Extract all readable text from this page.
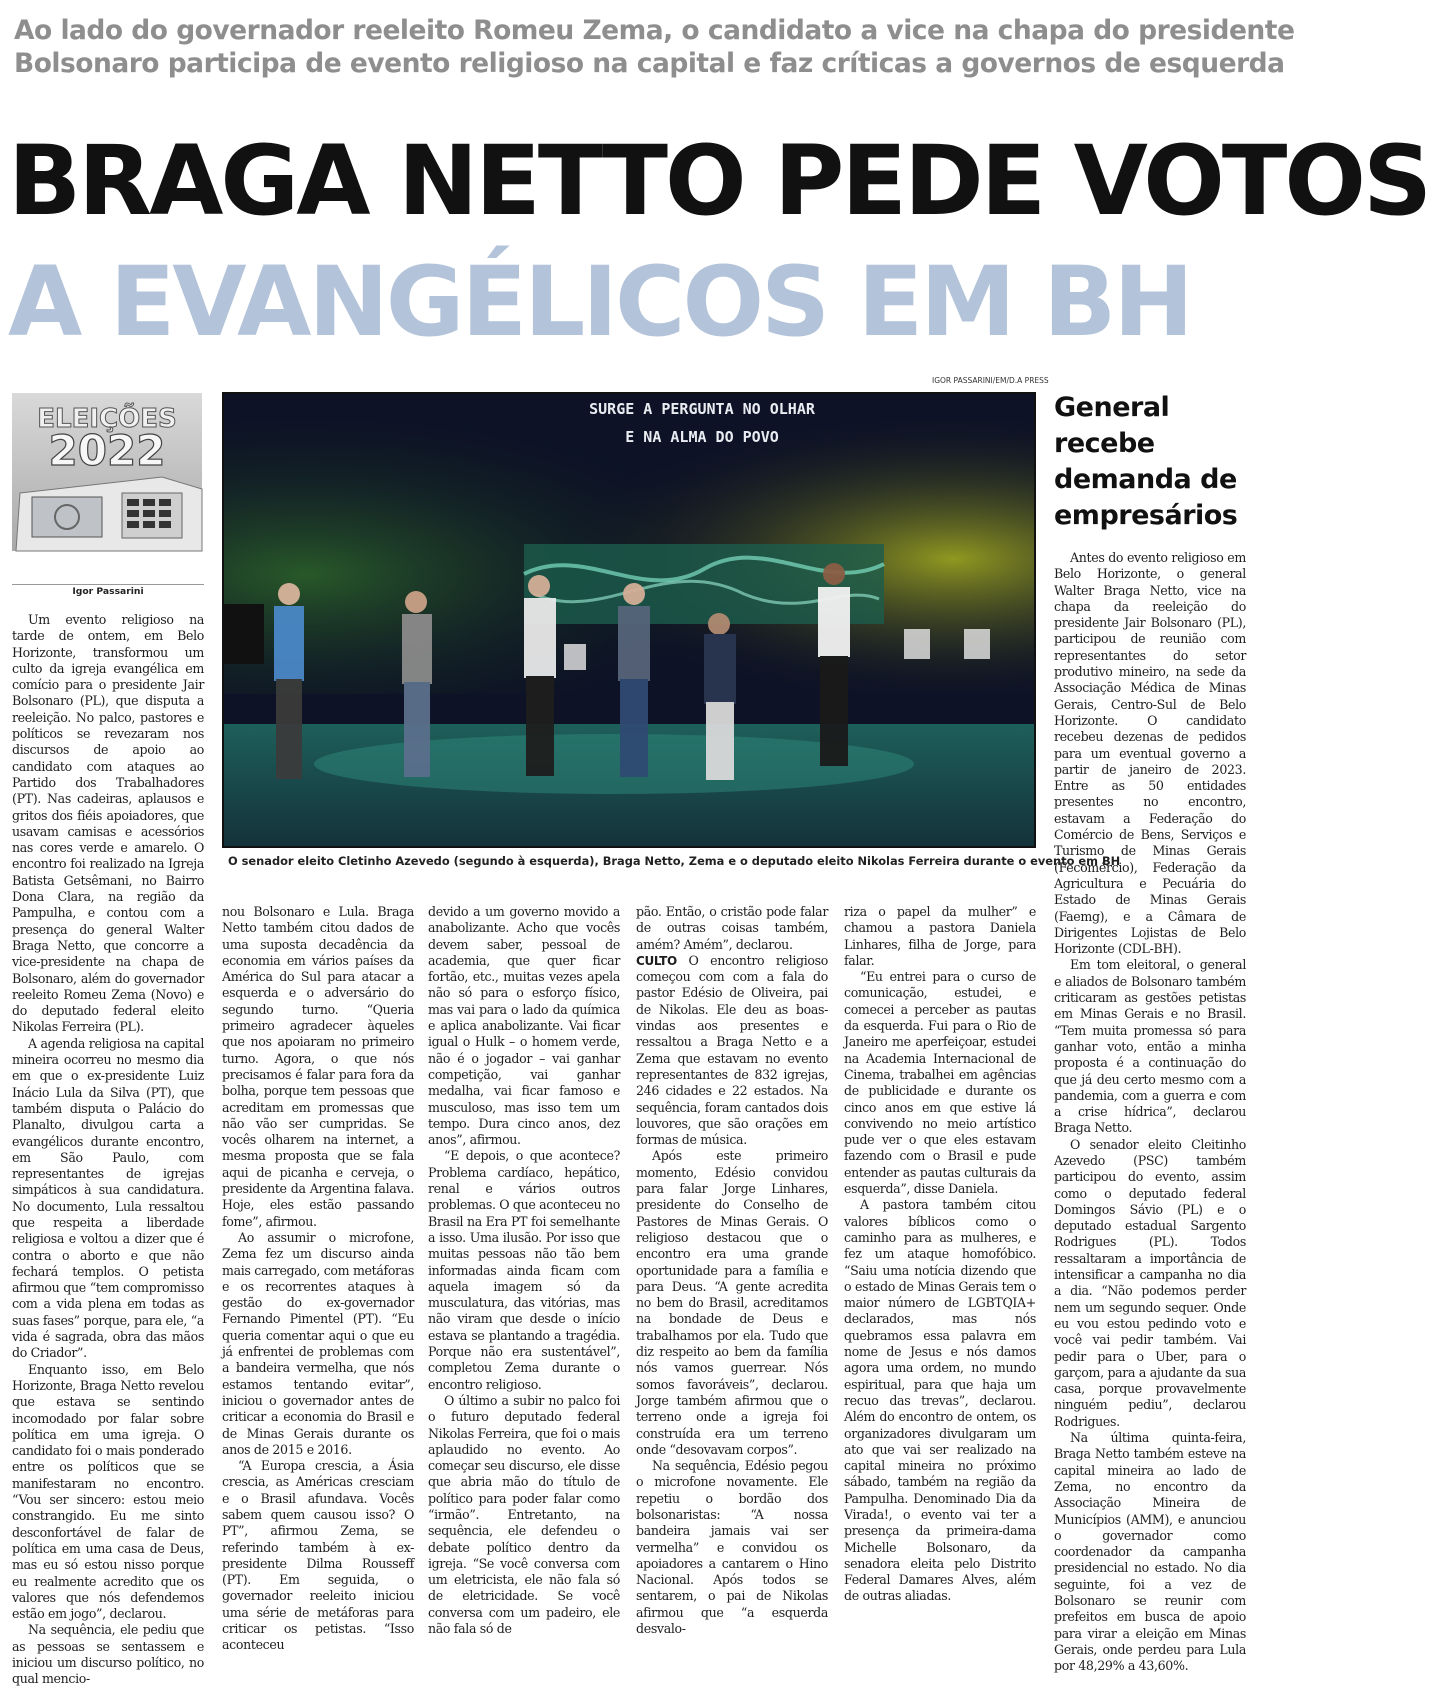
Ao lado do governador reeleito Romeu Zema, o candidato a vice na chapa do presidente
Bolsonaro participa de evento religioso na capital e faz críticas a governos de esquerda
BRAGA NETTO PEDE VOTOS
A EVANGÉLICOS EM BH
ELEIÇÕES
2022
Igor Passarini
IGOR PASSARINI/EM/D.A PRESS
SURGE A PERGUNTA NO OLHAR
E NA ALMA DO POVO
O senador eleito Cletinho Azevedo (segundo à esquerda), Braga Netto, Zema e o deputado eleito Nikolas Ferreira durante o evento em BH
General recebe demanda de empresários

Um evento religioso na tarde de ontem, em Belo Horizonte, transformou um culto da igreja evangélica em comício para o presidente Jair Bolsonaro (PL), que disputa a reeleição. No palco, pastores e políticos se revezaram nos discursos de apoio ao candidato com ataques ao Partido dos Trabalhadores (PT). Nas cadeiras, aplausos e gritos dos fiéis apoiadores, que usavam camisas e acessórios nas cores verde e amarelo. O encontro foi realizado na Igreja Batista Getsêmani, no Bairro Dona Clara, na região da Pampulha, e contou com a presença do general Walter Braga Netto, que concorre a vice-presidente na chapa de Bolsonaro, além do governador reeleito Romeu Zema (Novo) e do deputado federal eleito Nikolas Ferreira (PL).

A agenda religiosa na capital mineira ocorreu no mesmo dia em que o ex-presidente Luiz Inácio Lula da Silva (PT), que também disputa o Palácio do Planalto, divulgou carta a evangélicos durante encontro, em São Paulo, com representantes de igrejas simpáticos à sua candidatura. No documento, Lula ressaltou que respeita a liberdade religiosa e voltou a dizer que é contra o aborto e que não fechará templos. O petista afirmou que “tem compromisso com a vida plena em todas as suas fases” porque, para ele, “a vida é sagrada, obra das mãos do Criador”.

Enquanto isso, em Belo Horizonte, Braga Netto revelou que estava se sentindo incomodado por falar sobre política em uma igreja. O candidato foi o mais ponderado entre os políticos que se manifestaram no encontro. “Vou ser sincero: estou meio constrangido. Eu me sinto desconfortável de falar de política em uma casa de Deus, mas eu só estou nisso porque eu realmente acredito que os valores que nós defendemos estão em jogo”, declarou.

Na sequência, ele pediu que as pessoas se sentassem e iniciou um discurso político, no qual mencio-

nou Bolsonaro e Lula. Braga Netto também citou dados de uma suposta decadência da economia em vários países da América do Sul para atacar a esquerda e o adversário do segundo turno. “Queria primeiro agradecer àqueles que nos apoiaram no primeiro turno. Agora, o que nós precisamos é falar para fora da bolha, porque tem pessoas que acreditam em promessas que não vão ser cumpridas. Se vocês olharem na internet, a mesma proposta que se fala aqui de picanha e cerveja, o presidente da Argentina falava. Hoje, eles estão passando fome”, afirmou.

Ao assumir o microfone, Zema fez um discurso ainda mais carregado, com metáforas e os recorrentes ataques à gestão do ex-governador Fernando Pimentel (PT). “Eu queria comentar aqui o que eu já enfrentei de problemas com a bandeira vermelha, que nós estamos tentando evitar”, iniciou o governador antes de criticar a economia do Brasil e de Minas Gerais durante os anos de 2015 e 2016.

“A Europa crescia, a Ásia crescia, as Américas cresciam e o Brasil afundava. Vocês sabem quem causou isso? O PT”, afirmou Zema, se referindo também à ex-presidente Dilma Rousseff (PT). Em seguida, o governador reeleito iniciou uma série de metáforas para criticar os petistas. “Isso aconteceu

devido a um governo movido a anabolizante. Acho que vocês devem saber, pessoal de academia, que quer ficar fortão, etc., muitas vezes apela não só para o esforço físico, mas vai para o lado da química e aplica anabolizante. Vai ficar igual o Hulk – o homem verde, não é o jogador – vai ganhar competição, vai ganhar medalha, vai ficar famoso e musculoso, mas isso tem um tempo. Dura cinco anos, dez anos”, afirmou.

“E depois, o que acontece? Problema cardíaco, hepático, renal e vários outros problemas. O que aconteceu no Brasil na Era PT foi semelhante a isso. Uma ilusão. Por isso que muitas pessoas não tão bem informadas ainda ficam com aquela imagem só da musculatura, das vitórias, mas não viram que desde o início estava se plantando a tragédia. Porque não era sustentável”, completou Zema durante o encontro religioso.

O último a subir no palco foi o futuro deputado federal Nikolas Ferreira, que foi o mais aplaudido no evento. Ao começar seu discurso, ele disse que abria mão do título de político para poder falar como “irmão”. Entretanto, na sequência, ele defendeu o debate político dentro da igreja. “Se você conversa com um eletricista, ele não fala só de eletricidade. Se você conversa com um padeiro, ele não fala só de

pão. Então, o cristão pode falar de outras coisas também, amém? Amém”, declarou.

CULTO O encontro religioso começou com com a fala do pastor Edésio de Oliveira, pai de Nikolas. Ele deu as boas-vindas aos presentes e ressaltou a Braga Netto e a Zema que estavam no evento representantes de 832 igrejas, 246 cidades e 22 estados. Na sequência, foram cantados dois louvores, que são orações em formas de música.

Após este primeiro momento, Edésio convidou para falar Jorge Linhares, presidente do Conselho de Pastores de Minas Gerais. O religioso destacou que o encontro era uma grande oportunidade para a família e para Deus. “A gente acredita no bem do Brasil, acreditamos na bondade de Deus e trabalhamos por ela. Tudo que diz respeito ao bem da família nós vamos guerrear. Nós somos favoráveis”, declarou. Jorge também afirmou que o terreno onde a igreja foi construída era um terreno onde “desovavam corpos”.

Na sequência, Edésio pegou o microfone novamente. Ele repetiu o bordão dos bolsonaristas: “A nossa bandeira jamais vai ser vermelha” e convidou os apoiadores a cantarem o Hino Nacional. Após todos se sentarem, o pai de Nikolas afirmou que “a esquerda desvalo-

riza o papel da mulher” e chamou a pastora Daniela Linhares, filha de Jorge, para falar.

“Eu entrei para o curso de comunicação, estudei, e comecei a perceber as pautas da esquerda. Fui para o Rio de Janeiro me aperfeiçoar, estudei na Academia Internacional de Cinema, trabalhei em agências de publicidade e durante os cinco anos em que estive lá convivendo no meio artístico pude ver o que eles estavam fazendo com o Brasil e pude entender as pautas culturais da esquerda”, disse Daniela.

A pastora também citou valores bíblicos como o caminho para as mulheres, e fez um ataque homofóbico. “Saiu uma notícia dizendo que o estado de Minas Gerais tem o maior número de LGBTQIA+ declarados, mas nós quebramos essa palavra em nome de Jesus e nós damos agora uma ordem, no mundo espiritual, para que haja um recuo das trevas”, declarou. Além do encontro de ontem, os organizadores divulgaram um ato que vai ser realizado na capital mineira no próximo sábado, também na região da Pampulha. Denominado Dia da Virada!, o evento vai ter a presença da primeira-dama Michelle Bolsonaro, da senadora eleita pelo Distrito Federal Damares Alves, além de outras aliadas.

Antes do evento religioso em Belo Horizonte, o general Walter Braga Netto, vice na chapa da reeleição do presidente Jair Bolsonaro (PL), participou de reunião com representantes do setor produtivo mineiro, na sede da Associação Médica de Minas Gerais, Centro-Sul de Belo Horizonte. O candidato recebeu dezenas de pedidos para um eventual governo a partir de janeiro de 2023. Entre as 50 entidades presentes no encontro, estavam a Federação do Comércio de Bens, Serviços e Turismo de Minas Gerais (Fecomércio), Federação da Agricultura e Pecuária do Estado de Minas Gerais (Faemg), e a Câmara de Dirigentes Lojistas de Belo Horizonte (CDL-BH).

Em tom eleitoral, o general e aliados de Bolsonaro também criticaram as gestões petistas em Minas Gerais e no Brasil. “Tem muita promessa só para ganhar voto, então a minha proposta é a continuação do que já deu certo mesmo com a pandemia, com a guerra e com a crise hídrica”, declarou Braga Netto.

O senador eleito Cleitinho Azevedo (PSC) também participou do evento, assim como o deputado federal Domingos Sávio (PL) e o deputado estadual Sargento Rodrigues (PL). Todos ressaltaram a importância de intensificar a campanha no dia a dia. “Não podemos perder nem um segundo sequer. Onde eu vou estou pedindo voto e você vai pedir também. Vai pedir para o Uber, para o garçom, para a ajudante da sua casa, porque provavelmente ninguém pediu”, declarou Rodrigues.

Na última quinta-feira, Braga Netto também esteve na capital mineira ao lado de Zema, no encontro da Associação Mineira de Municípios (AMM), e anunciou o governador como coordenador da campanha presidencial no estado. No dia seguinte, foi a vez de Bolsonaro se reunir com prefeitos em busca de apoio para virar a eleição em Minas Gerais, onde perdeu para Lula por 48,29% a 43,60%.
